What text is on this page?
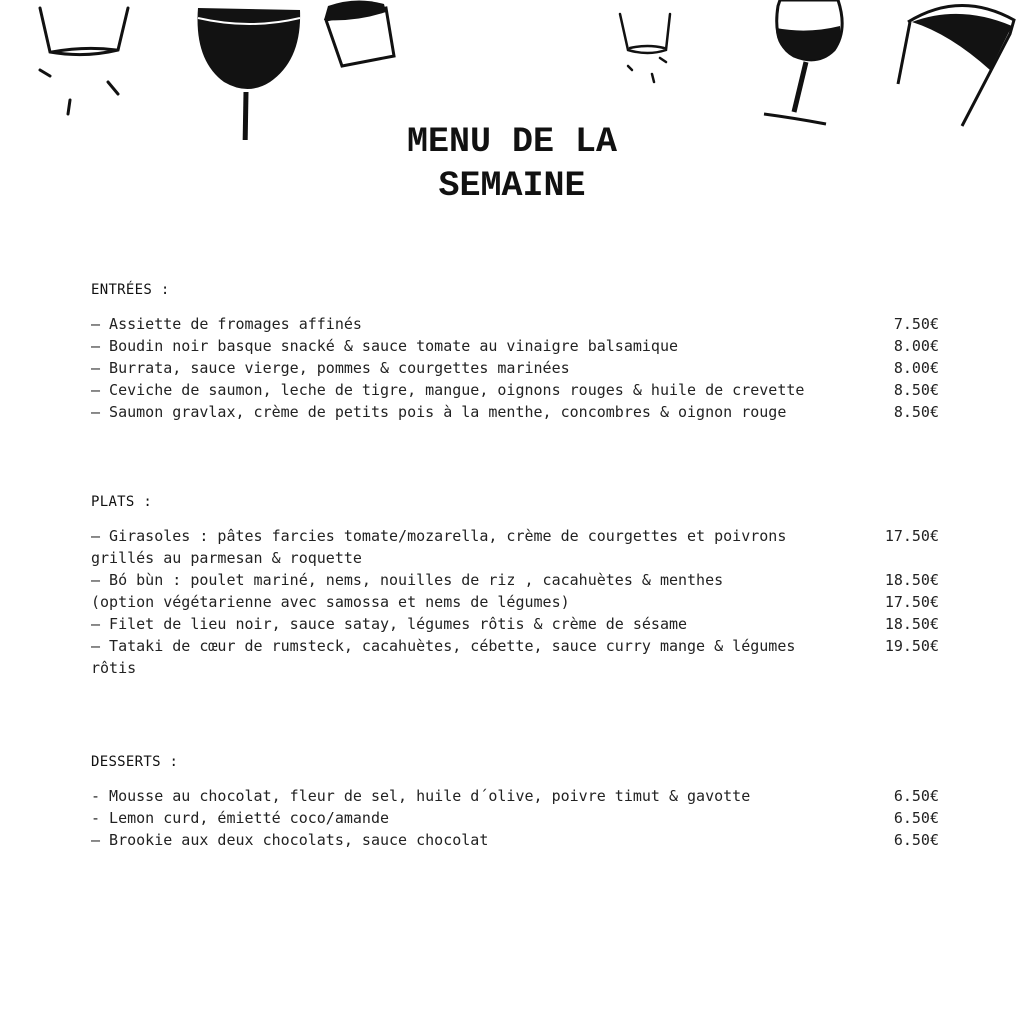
MENU DE LA
SEMAINE
ENTRÉES :
– Assiette de fromages affinés	7.50€
– Boudin noir basque snacké & sauce tomate au vinaigre balsamique	8.00€
– Burrata, sauce vierge, pommes & courgettes marinées	8.00€
– Ceviche de saumon, leche de tigre, mangue, oignons rouges & huile de crevette	8.50€
– Saumon gravlax, crème de petits pois à la menthe, concombres & oignon rouge	8.50€
PLATS :
– Girasoles : pâtes farcies tomate/mozarella, crème de courgettes et poivrons	17.50€
grillés au parmesan & roquette
– Bó bùn : poulet mariné, nems, nouilles de riz , cacahuètes & menthes	18.50€
(option végétarienne avec samossa et nems de légumes)	17.50€
– Filet de lieu noir, sauce satay, légumes rôtis & crème de sésame	18.50€
– Tataki de cœur de rumsteck, cacahuètes, cébette, sauce curry mange & légumes	19.50€
rôtis
DESSERTS :
- Mousse au chocolat, fleur de sel, huile d´olive, poivre timut & gavotte	6.50€
- Lemon curd, émietté coco/amande	6.50€
– Brookie aux deux chocolats, sauce chocolat	6.50€
